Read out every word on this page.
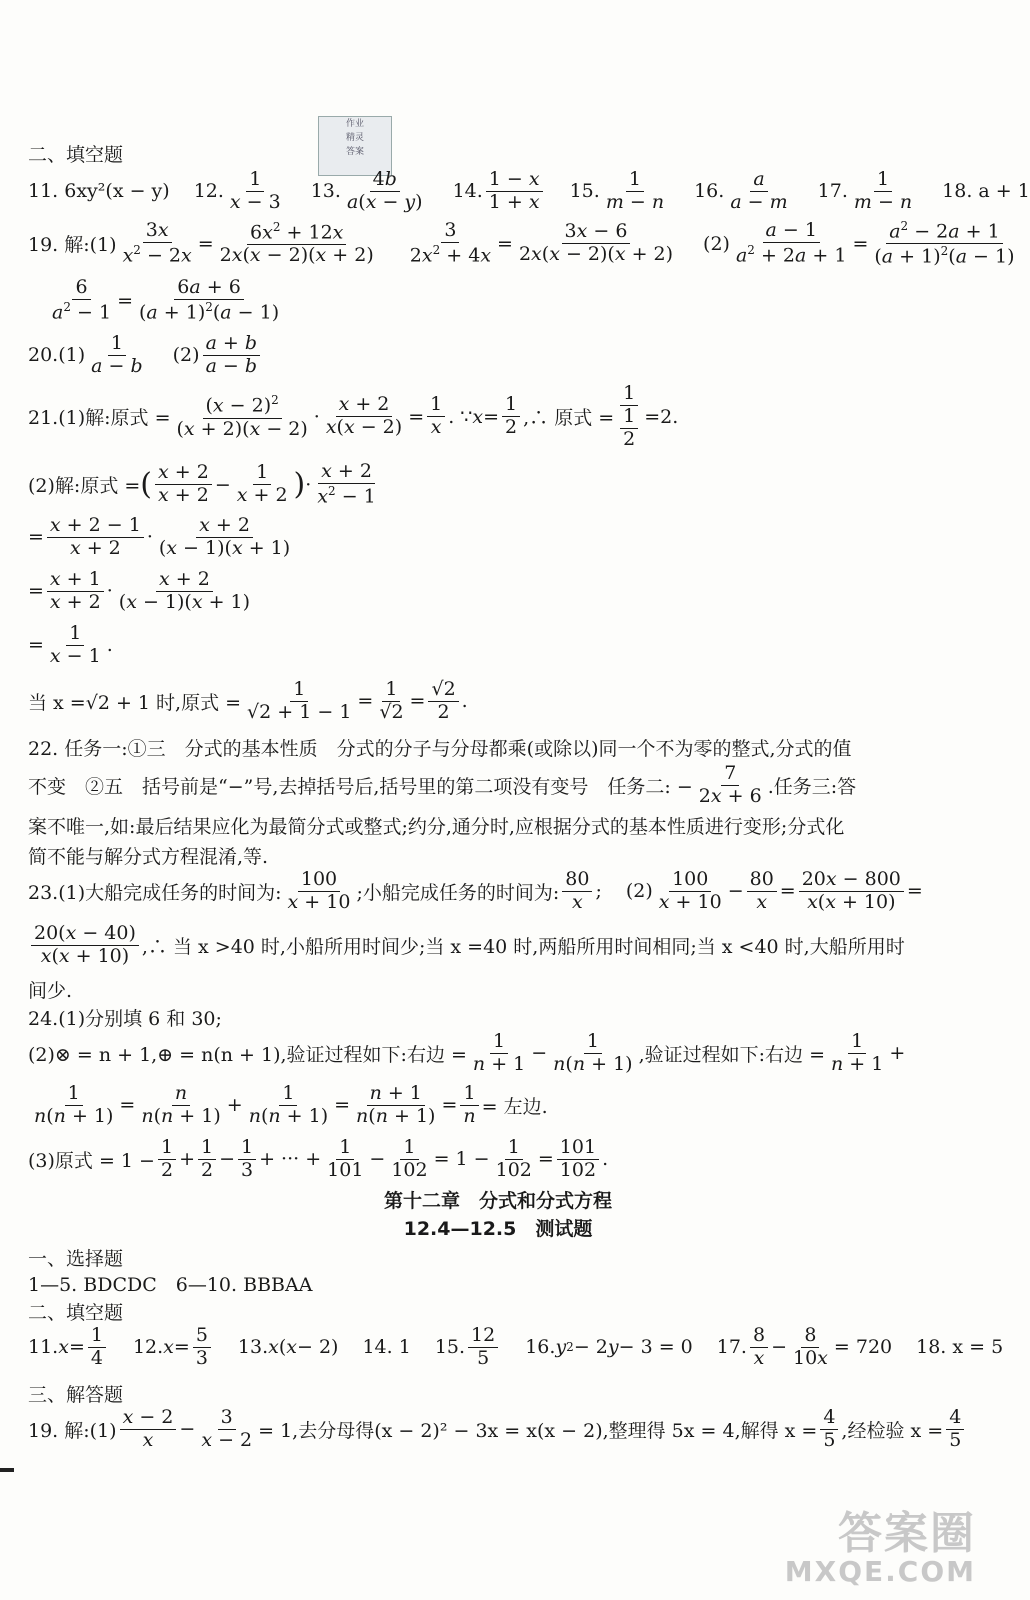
作业
精灵
答案
二、填空题
11. 6xy²(x − y) 12. $\frac{1}{x - 3} 13$. $\frac{4b}{a(x - y)} 14$. $\frac{1 - x}{1 + x} 15$. $\frac{1}{m - n} 16$. $\frac{a}{a - m} 17$. $\frac{1}{m - n} 18$. a + 1
19. 解:(1) $\frac{3x}{x^2 - 2x} = \frac{6x^2 + 12x}{2x(x - 2)(x + 2)} \frac{3}{2x^2 + 4x} = \frac{3x - 6}{2x(x - 2)(x + 2)} (2) \frac{a - 1}{a^2 + 2a + 1} = \frac{a^2 - 2a + 1}{(a + 1)^2(a - 1)}$
$\frac{6}{a^2 - 1} = \frac{6a + 6}{(a + 1)^2(a - 1)}$
$20.(1) \frac{1}{a - b} (2) \frac{a + b}{a - b}$
21.(1)解:原式 = $\frac{(x - 2)^2}{(x + 2)(x - 2)} \cdot \frac{x + 2}{x(x - 2)} = \frac{1}{x}$ . ∵ $x = \frac{1}{2}$ ,∴ 原式 = $\frac{1}{\frac{1}{2}} =2$.
(2)解:原式 = ( $\frac{x + 2}{x + 2} - \frac{1}{x + 2}$ ) · $\frac{x + 2}{x^2 - 1}$
= $\frac{x + 2 - 1}{x + 2} \cdot \frac{x + 2}{(x - 1)(x + 1)}$
= $\frac{x + 1}{x + 2} \cdot \frac{x + 2}{(x - 1)(x + 1)}$
= $\frac{1}{x - 1}$ .
当 x =√2 + 1 时,原式 = $\frac{1}{√2 + 1 - 1} = \frac{1}{√2} = \frac{√2}{2}$ .
22. 任务一:①三　分式的基本性质　分式的分子与分母都乘(或除以)同一个不为零的整式,分式的值
不变　②五　括号前是“−”号,去掉括号后,括号里的第二项没有变号　任务二: − $\frac{7}{2x + 6}$ .任务三:答
案不唯一,如:最后结果应化为最简分式或整式;约分,通分时,应根据分式的基本性质进行变形;分式化
简不能与解分式方程混淆,等.
23.(1)大船完成任务的时间为: $\frac{100}{x + 10}$ ;小船完成任务的时间为: $\frac{80}{x}$ ; $(2) \frac{100}{x + 10} - \frac{80}{x} = \frac{20x - 800}{x(x + 10)}$ =
$\frac{20(x - 40)}{x(x + 10)}$ ,∴ 当 x >40 时,小船所用时间少;当 x =40 时,两船所用时间相同;当 x <40 时,大船所用时
间少.
24.(1)分别填 6 和 30;
(2)⊗ = n + 1,⊕ = n(n + 1),验证过程如下:右边 = $\frac{1}{n + 1} - \frac{1}{n(n + 1)}$ ,验证过程如下:右边 = $\frac{1}{n + 1}$ +
$\frac{1}{n(n + 1)} = \frac{n}{n(n + 1)} + \frac{1}{n(n + 1)} = \frac{n + 1}{n(n + 1)} = \frac{1}{n}$ = 左边.
(3)原式 = $1 - \frac{1}{2} + \frac{1}{2} - \frac{1}{3}$ + ··· + $\frac{1}{101} - \frac{1}{102} = 1 - \frac{1}{102} = \frac{101}{102}$ .
第十二章　分式和分式方程
12.4—12.5　测试题
一、选择题
1—5. BDCDC　6—10. BBBAA
二、填空题
11. $x = \frac{1}{4} 12$. $x = \frac{5}{3} 13$. x ( x − 2) 14. 1 15. $\frac{12}{5} 16$. y 2 − 2 y − 3 = 0
17. $\frac{8}{x} - \frac{8}{10x} = 720$ 18. x = 5
三、解答题
19. 解:(1) $\frac{x - 2}{x} - \frac{3}{x - 2} = 1$,去分母得(x − 2)² − 3x = x(x − 2),整理得 5x = 4,解得 $x = \frac{4}{5}$ ,经检验 $x = \frac{4}{5}$
答案圈
MXQE.COM
